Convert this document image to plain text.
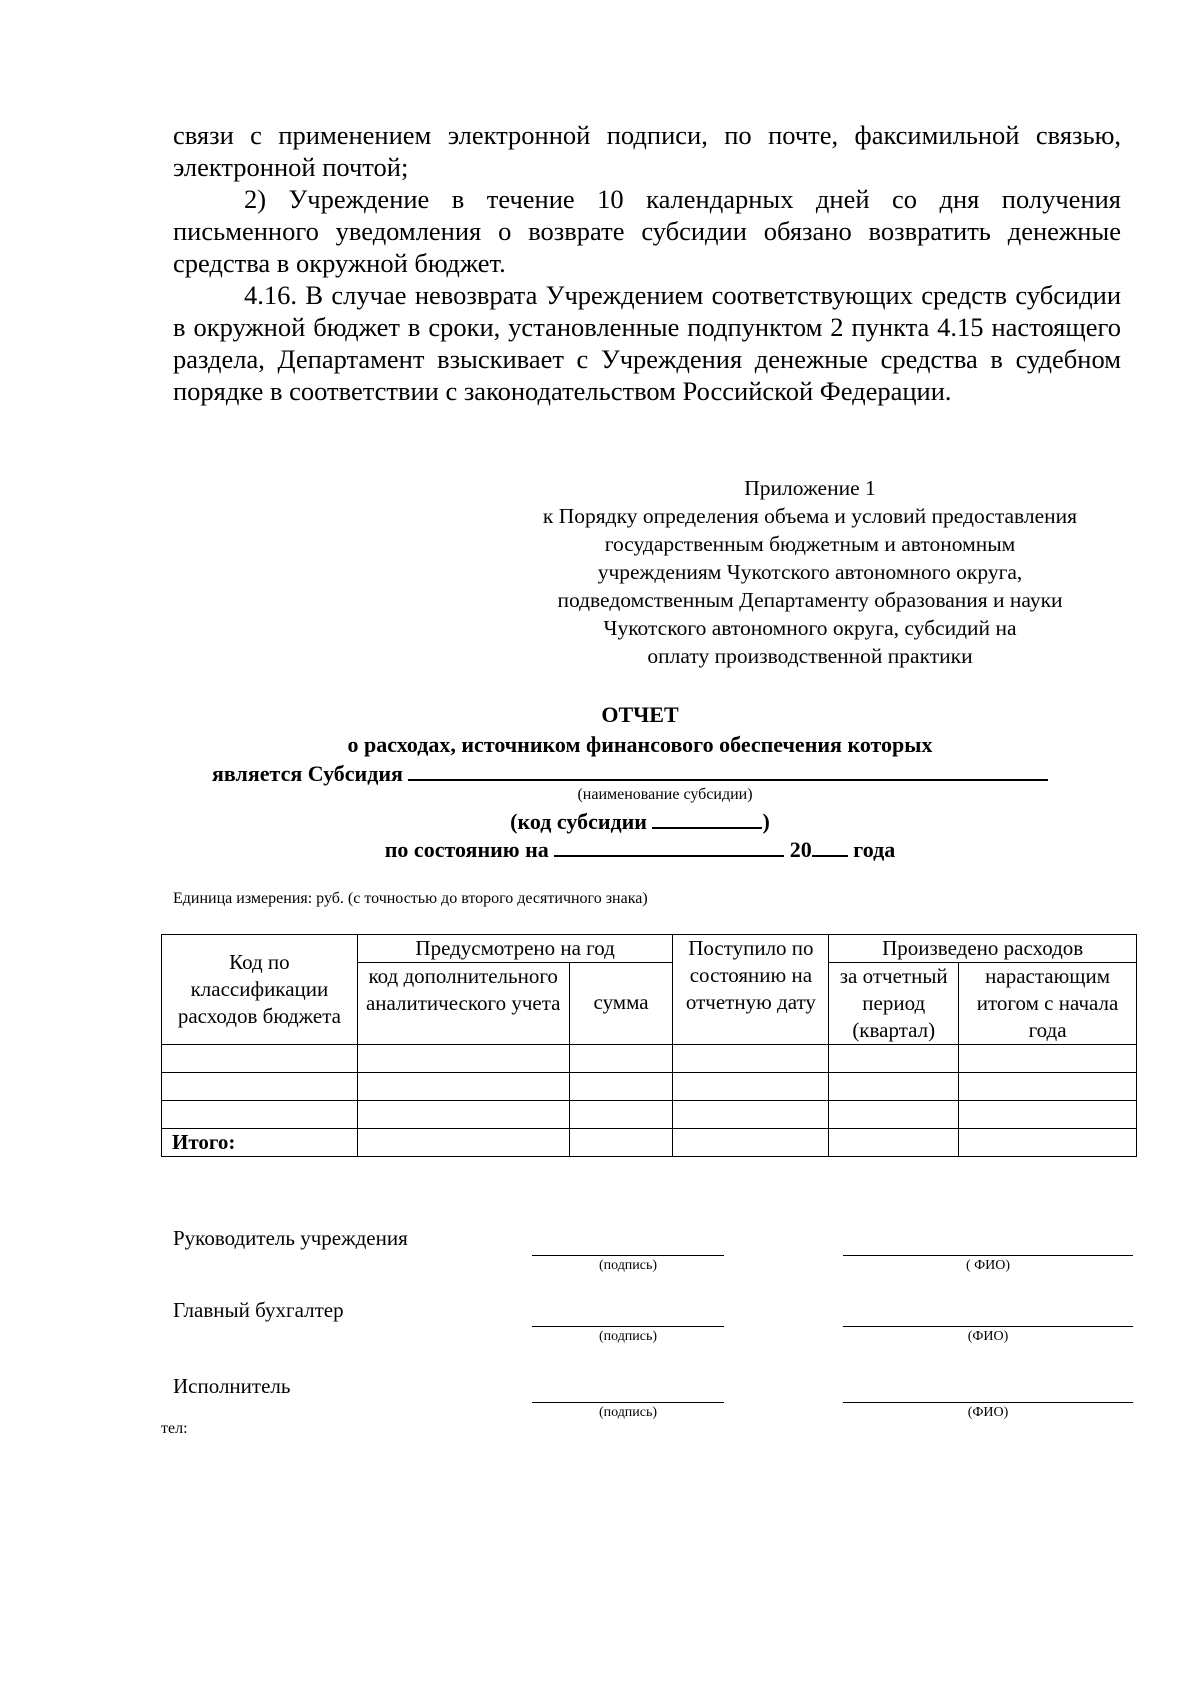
связи с применением электронной подписи, по почте, факсимильной связью, электронной почтой;

2) Учреждение в течение 10 календарных дней со дня получения письменного уведомления о возврате субсидии обязано возвратить денежные средства в окружной бюджет.

4.16. В случае невозврата Учреждением соответствующих средств субсидии в окружной бюджет в сроки, установленные подпунктом 2 пункта 4.15 настоящего раздела, Департамент взыскивает с Учреждения денежные средства в судебном порядке в соответствии с законодательством Российской Федерации.

Приложение 1
к Порядку определения объема и условий предоставления
государственным бюджетным и автономным
учреждениям Чукотского автономного округа,
подведомственным Департаменту образования и науки
Чукотского автономного округа, субсидий на
оплату производственной практики
ОТЧЕТ
о расходах, источником финансового обеспечения которых
является Субсидия
(наименование субсидии)
(код субсидии	)
по состоянию на	20 года
Единица измерения: руб. (с точностью до второго десятичного знака)
Код по классификации расходов бюджета	Предусмотрено на год		Поступило по состоянию на отчетную дату	Произведено расходов	
	код дополнительного аналитического учета	сумма		за отчетный период (квартал)	нарастающим итогом с начала года

Итого:					
Руководитель учреждения
(подпись)	( ФИО)
Главный бухгалтер
(подпись)	(ФИО)
Исполнитель
(подпись)	(ФИО)
тел:
